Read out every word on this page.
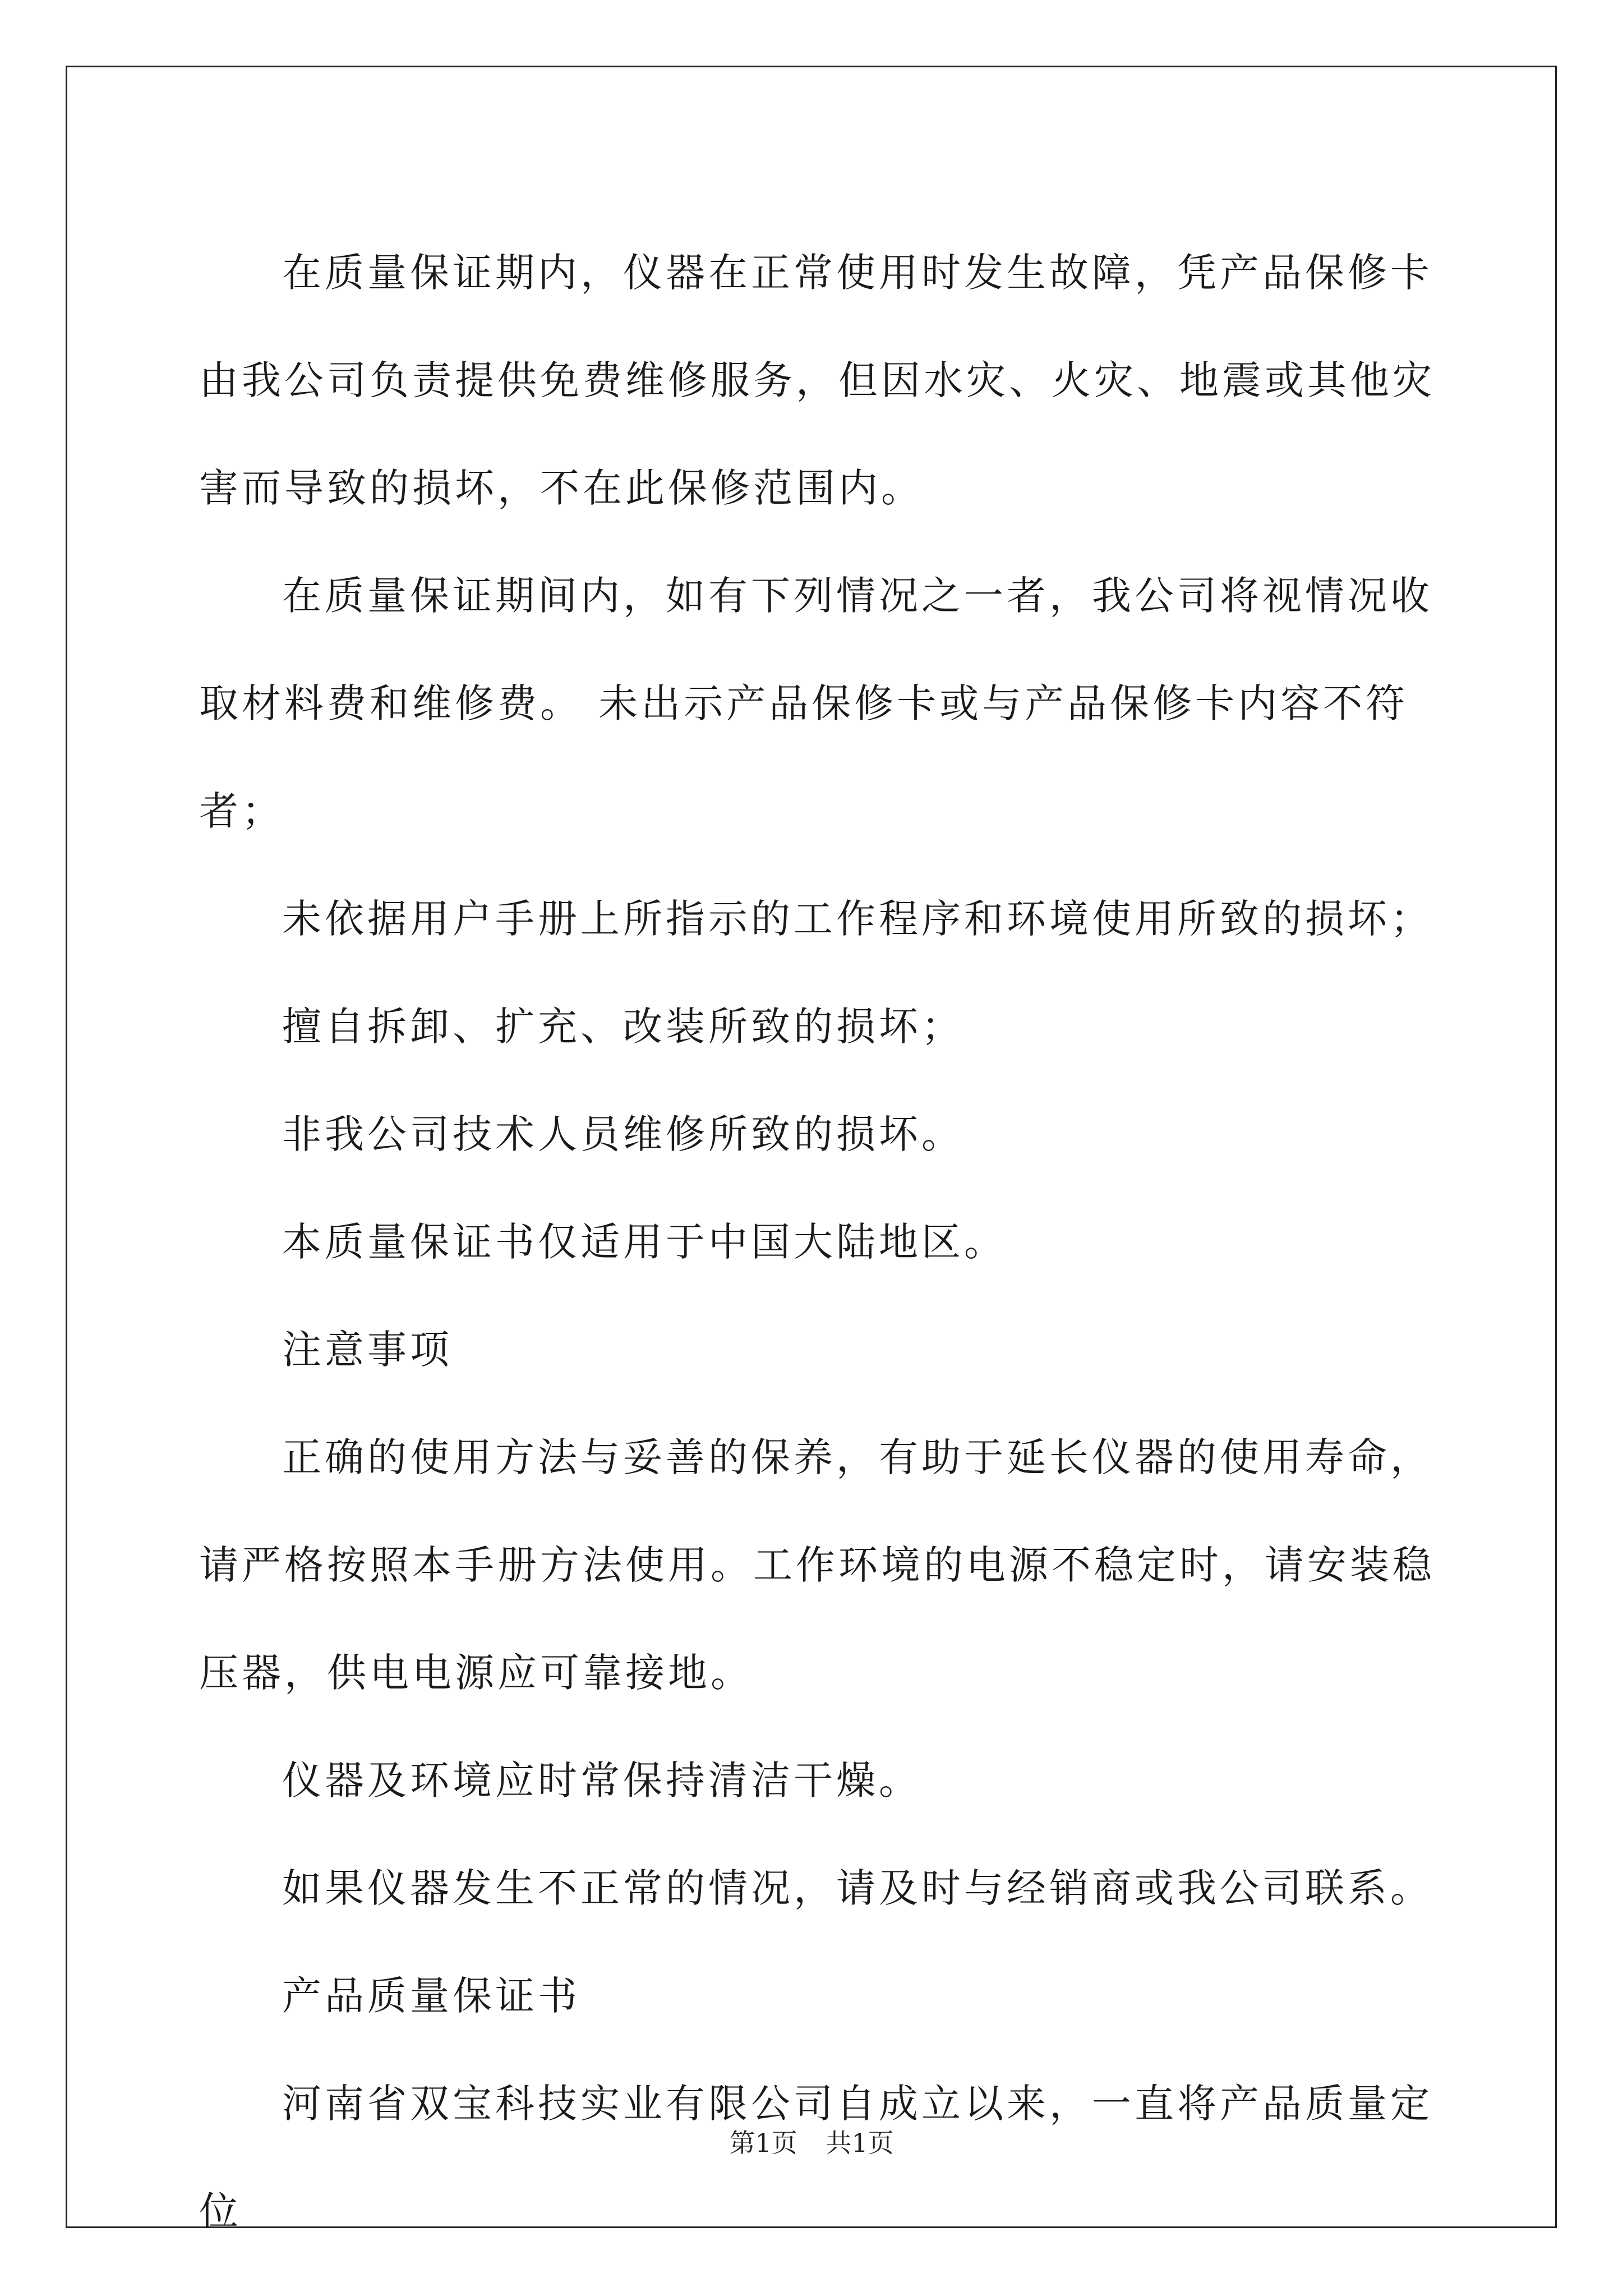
在质量保证期内，仪器在正常使用时发生故障，凭产品保修卡由我公司负责提供免费维修服务，但因水灾、火灾、地震或其他灾害而导致的损坏，不在此保修范围内。

在质量保证期间内，如有下列情况之一者，我公司将视情况收取材料费和维修费。 未出示产品保修卡或与产品保修卡内容不符者；

未依据用户手册上所指示的工作程序和环境使用所致的损坏；

擅自拆卸、扩充、改装所致的损坏；

非我公司技术人员维修所致的损坏。

本质量保证书仅适用于中国大陆地区。

注意事项

正确的使用方法与妥善的保养，有助于延长仪器的使用寿命，请严格按照本手册方法使用。工作环境的电源不稳定时，请安装稳压器，供电电源应可靠接地。

仪器及环境应时常保持清洁干燥。

如果仪器发生不正常的情况，请及时与经销商或我公司联系。

产品质量保证书

河南省双宝科技实业有限公司自成立以来，一直将产品质量定位

第1页 共1页
